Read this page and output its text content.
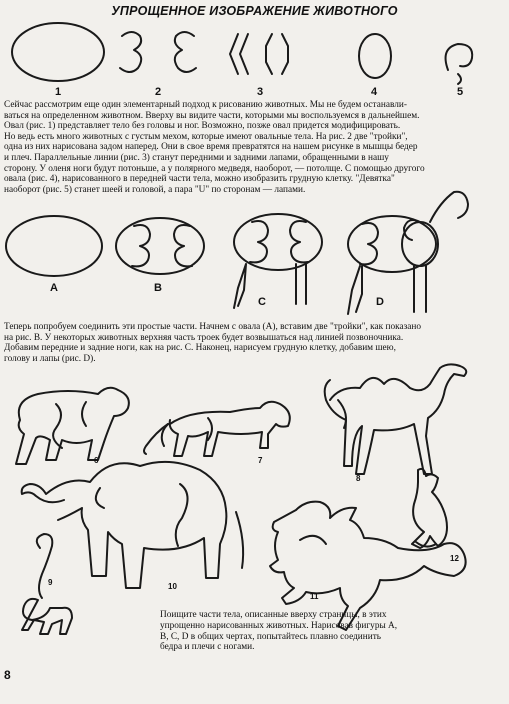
УПРОЩЕННОЕ ИЗОБРАЖЕНИЕ ЖИВОТНОГО
1	2	3	4	5
Сейчас рассмотрим еще один элементарный подход к рисованию животных. Мы не будем останавли-
ваться на определенном животном. Вверху вы видите части, которыми мы воспользуемся в дальнейшем.
Овал (рис. 1) представляет тело без головы и ног. Возможно, позже овал придется модифицировать.
Но ведь есть много животных с густым мехом, которые имеют овальные тела. На рис. 2 две "тройки",
одна из них нарисована задом наперед. Они в свое время превратятся на нашем рисунке в мышцы бедер
и плеч. Параллельные линии (рис. 3) станут передними и задними лапами, обращенными в нашу
сторону. У оленя ноги будут потоньше, а у полярного медведя, наоборот, — потолще. С помощью другого
овала (рис. 4), нарисованного в передней части тела, можно изобразить грудную клетку. "Девятка"
наоборот (рис. 5) станет шеей и головой, а пара "U" по сторонам — лапами.
A	B
C	D
Теперь попробуем соединить эти простые части. Начнем с овала (A), вставим две "тройки", как показано
на рис. B. У некоторых животных верхняя часть троек будет возвышаться над линией позвоночника.
Добавим передние и задние ноги, как на рис. C. Наконец, нарисуем грудную клетку, добавим шею,
голову и лапы (рис. D).
6	7
8
9	10
11
12
Поищите части тела, описанные вверху страницы, в этих
упрощенно нарисованных животных. Нарисовав фигуры A,
B, C, D в общих чертах, попытайтесь плавно соединить
бедра и плечи с ногами.
8
